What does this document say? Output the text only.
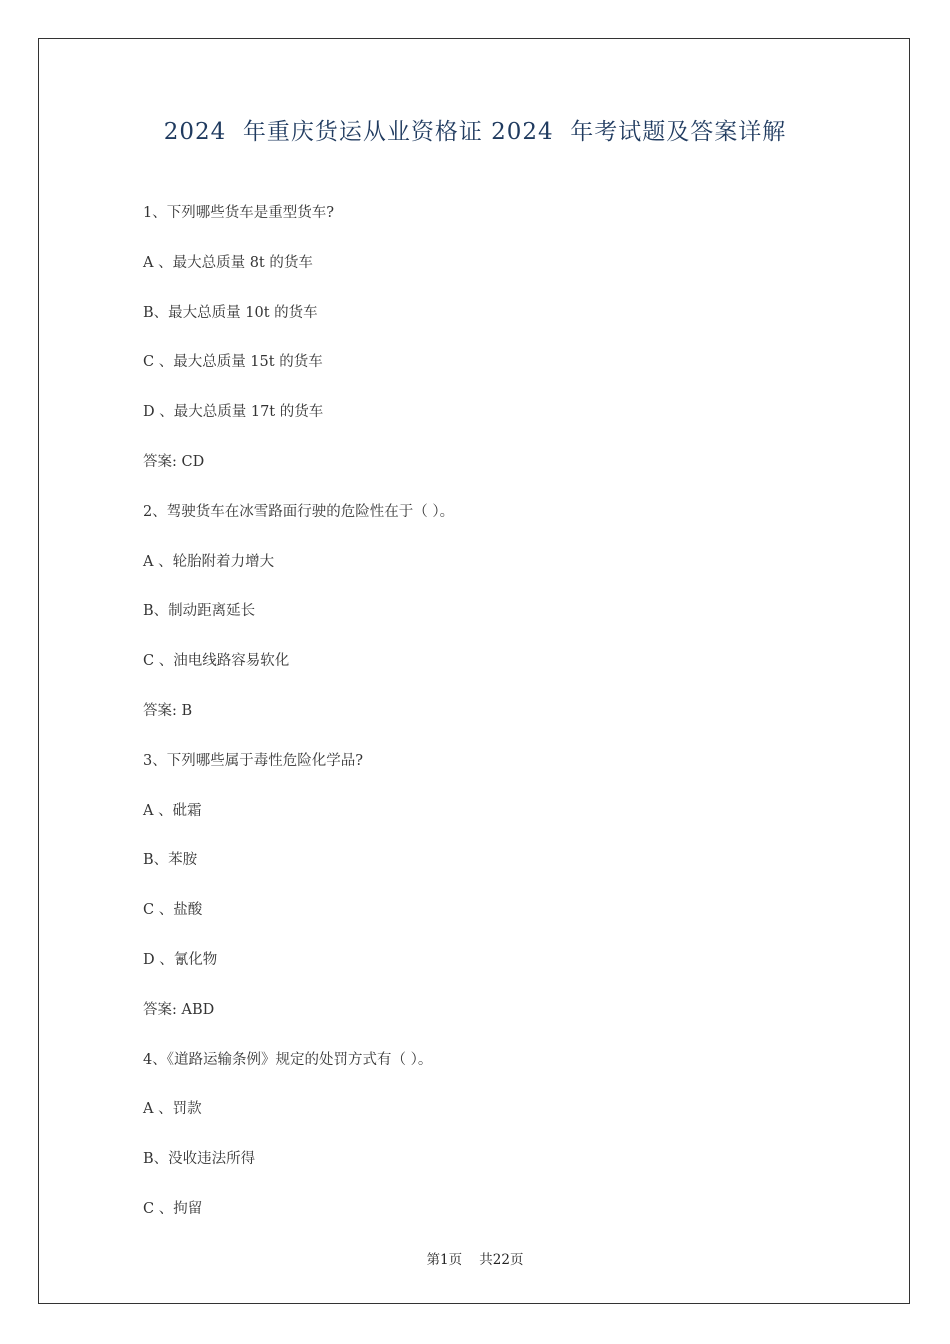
2024  年重庆货运从业资格证 2024  年考试题及答案详解
1、下列哪些货车是重型货车?
A 、最大总质量 8t 的货车
B、最大总质量 10t 的货车
C 、最大总质量 15t 的货车
D 、最大总质量 17t 的货车
答案: CD
2、驾驶货车在冰雪路面行驶的危险性在于（ ）。
A 、轮胎附着力增大
B、制动距离延长
C 、油电线路容易软化
答案: B
3、下列哪些属于毒性危险化学品?
A 、砒霜
B、苯胺
C 、盐酸
D 、氰化物
答案: ABD
4、《道路运输条例》规定的处罚方式有（ ）。
A 、罚款
B、没收违法所得
C 、拘留
第1页    共22页
